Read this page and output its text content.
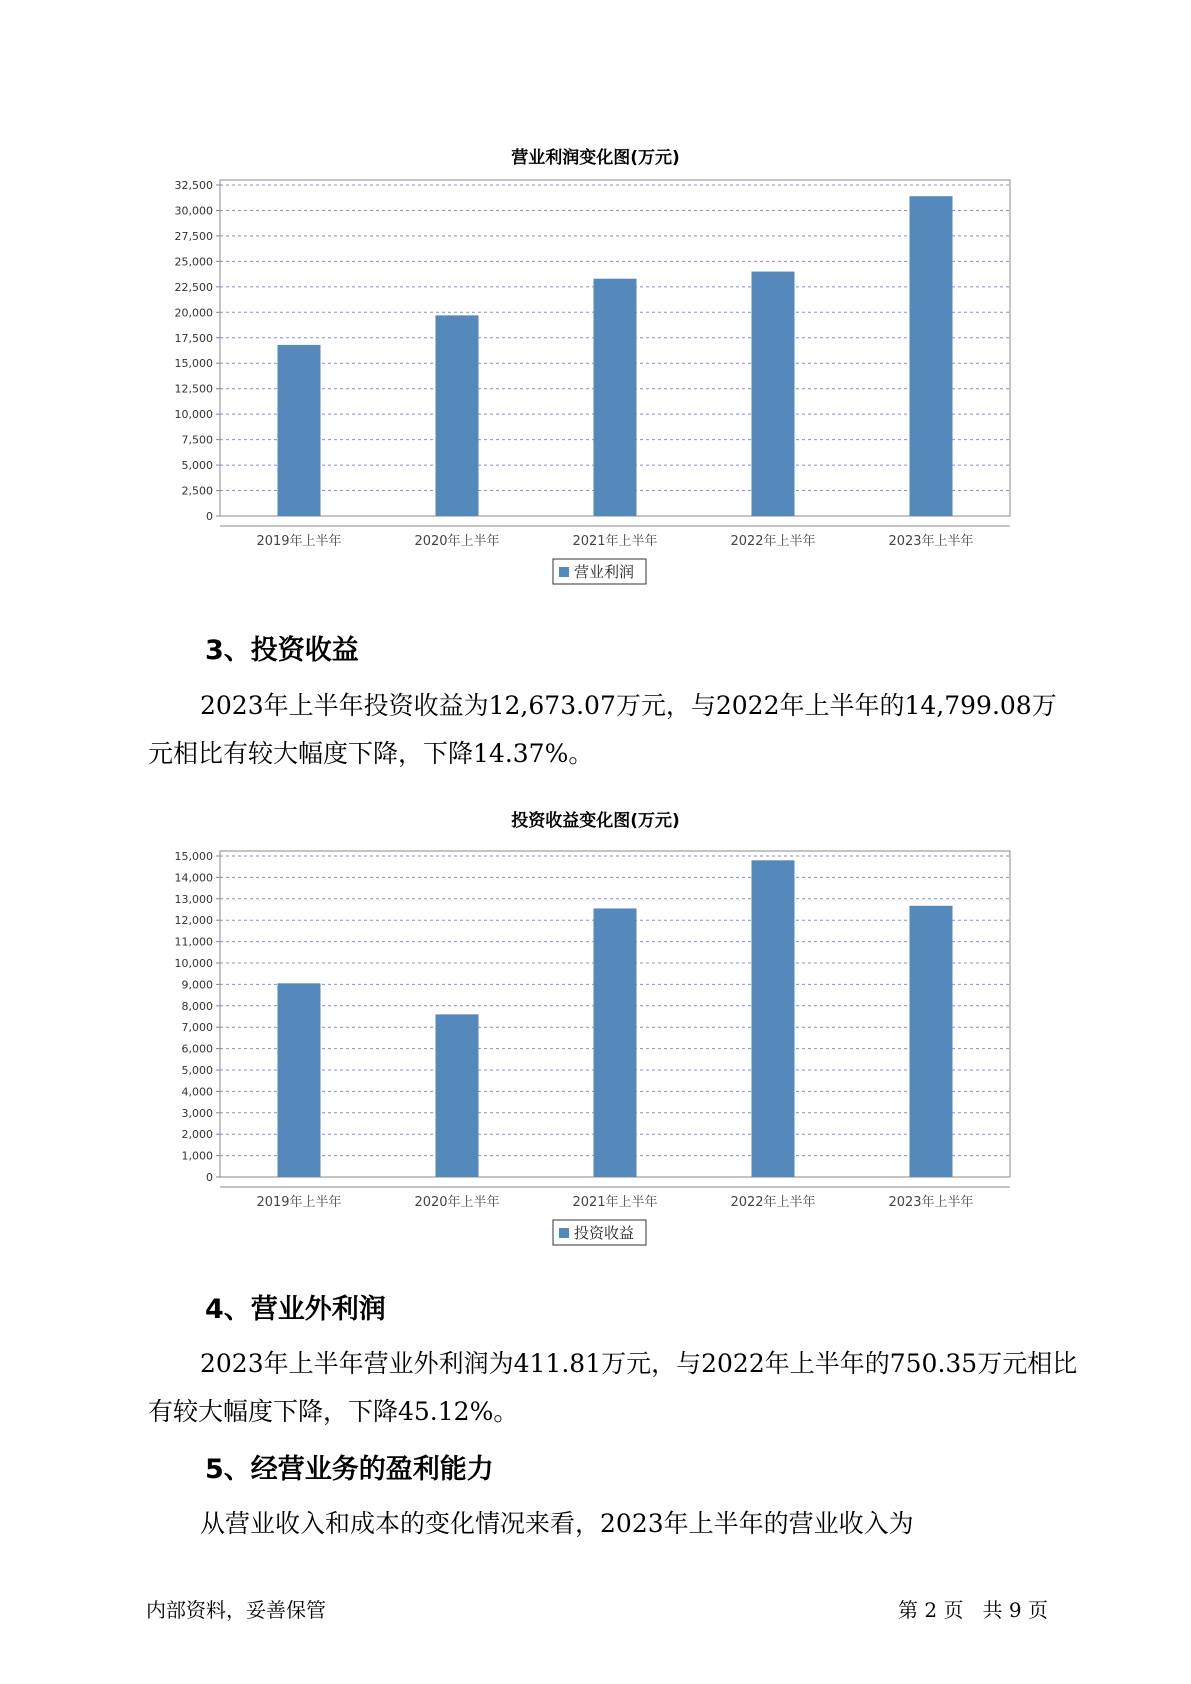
营业利润变化图(万元)
0
2,500
5,000
7,500
10,000
12,500
15,000
17,500
20,000
22,500
25,000
27,500
30,000
32,500
2019年上半年	2020年上半年	2021年上半年	2022年上半年	2023年上半年
营业利润
3、投资收益

2023年上半年投资收益为12,673.07万元，与2022年上半年的14,799.08万元相比有较大幅度下降，下降14.37%。

投资收益变化图(万元)
0
1,000
2,000
3,000
4,000
5,000
6,000
7,000
8,000
9,000
10,000
11,000
12,000
13,000
14,000
15,000
2019年上半年	2020年上半年	2021年上半年	2022年上半年	2023年上半年
投资收益
4、营业外利润

2023年上半年营业外利润为411.81万元，与2022年上半年的750.35万元相比有较大幅度下降，下降45.12%。

5、经营业务的盈利能力

从营业收入和成本的变化情况来看，2023年上半年的营业收入为

内部资料，妥善保管	第 2 页   共 9 页
